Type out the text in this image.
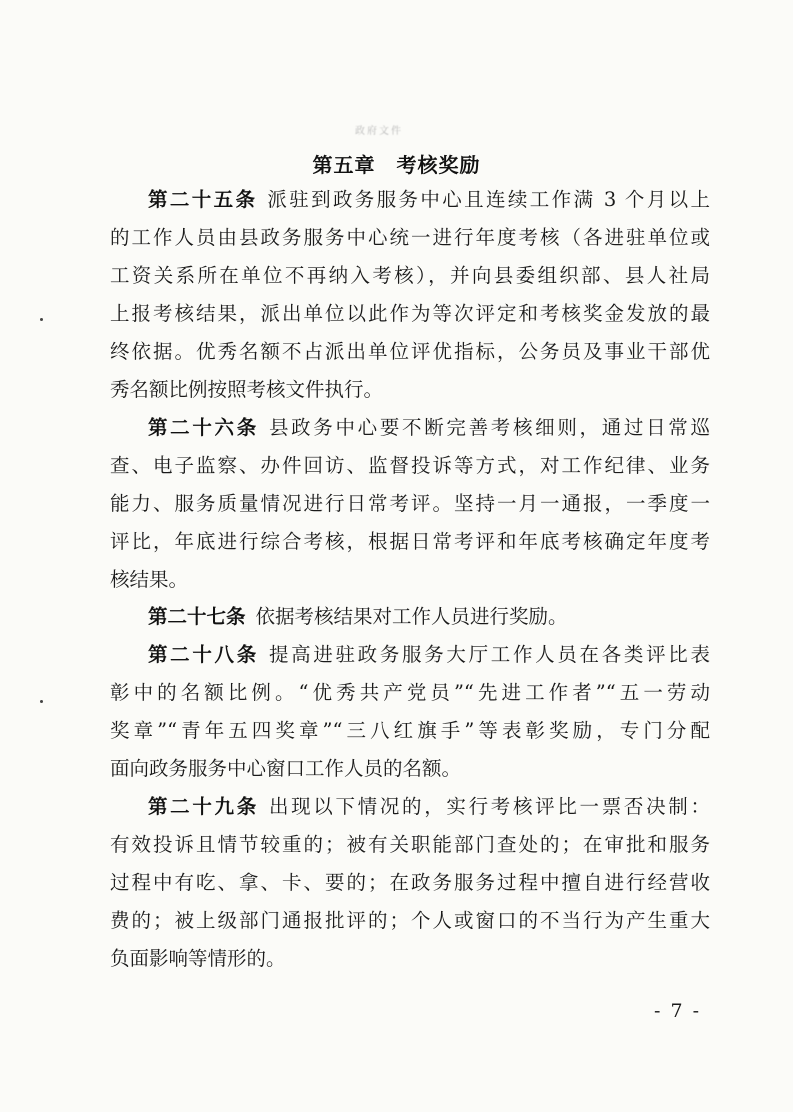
政府文件
第五章　考核奖励
第二十五条 派驻到政务服务中心且连续工作满 3 个月以上
的工作人员由县政务服务中心统一进行年度考核（各进驻单位或
工资关系所在单位不再纳入考核），并向县委组织部、县人社局
上报考核结果，派出单位以此作为等次评定和考核奖金发放的最
终依据。优秀名额不占派出单位评优指标，公务员及事业干部优
秀名额比例按照考核文件执行。
第二十六条 县政务中心要不断完善考核细则，通过日常巡
查、电子监察、办件回访、监督投诉等方式，对工作纪律、业务
能力、服务质量情况进行日常考评。坚持一月一通报，一季度一
评比，年底进行综合考核，根据日常考评和年底考核确定年度考
核结果。
第二十七条 依据考核结果对工作人员进行奖励。
第二十八条 提高进驻政务服务大厅工作人员在各类评比表
彰中的名额比例。“优秀共产党员”“先进工作者”“五一劳动
奖章”“青年五四奖章”“三八红旗手”等表彰奖励，专门分配
面向政务服务中心窗口工作人员的名额。
第二十九条 出现以下情况的，实行考核评比一票否决制：
有效投诉且情节较重的；被有关职能部门查处的；在审批和服务
过程中有吃、拿、卡、要的；在政务服务过程中擅自进行经营收
费的；被上级部门通报批评的；个人或窗口的不当行为产生重大
负面影响等情形的。
- 7 -
